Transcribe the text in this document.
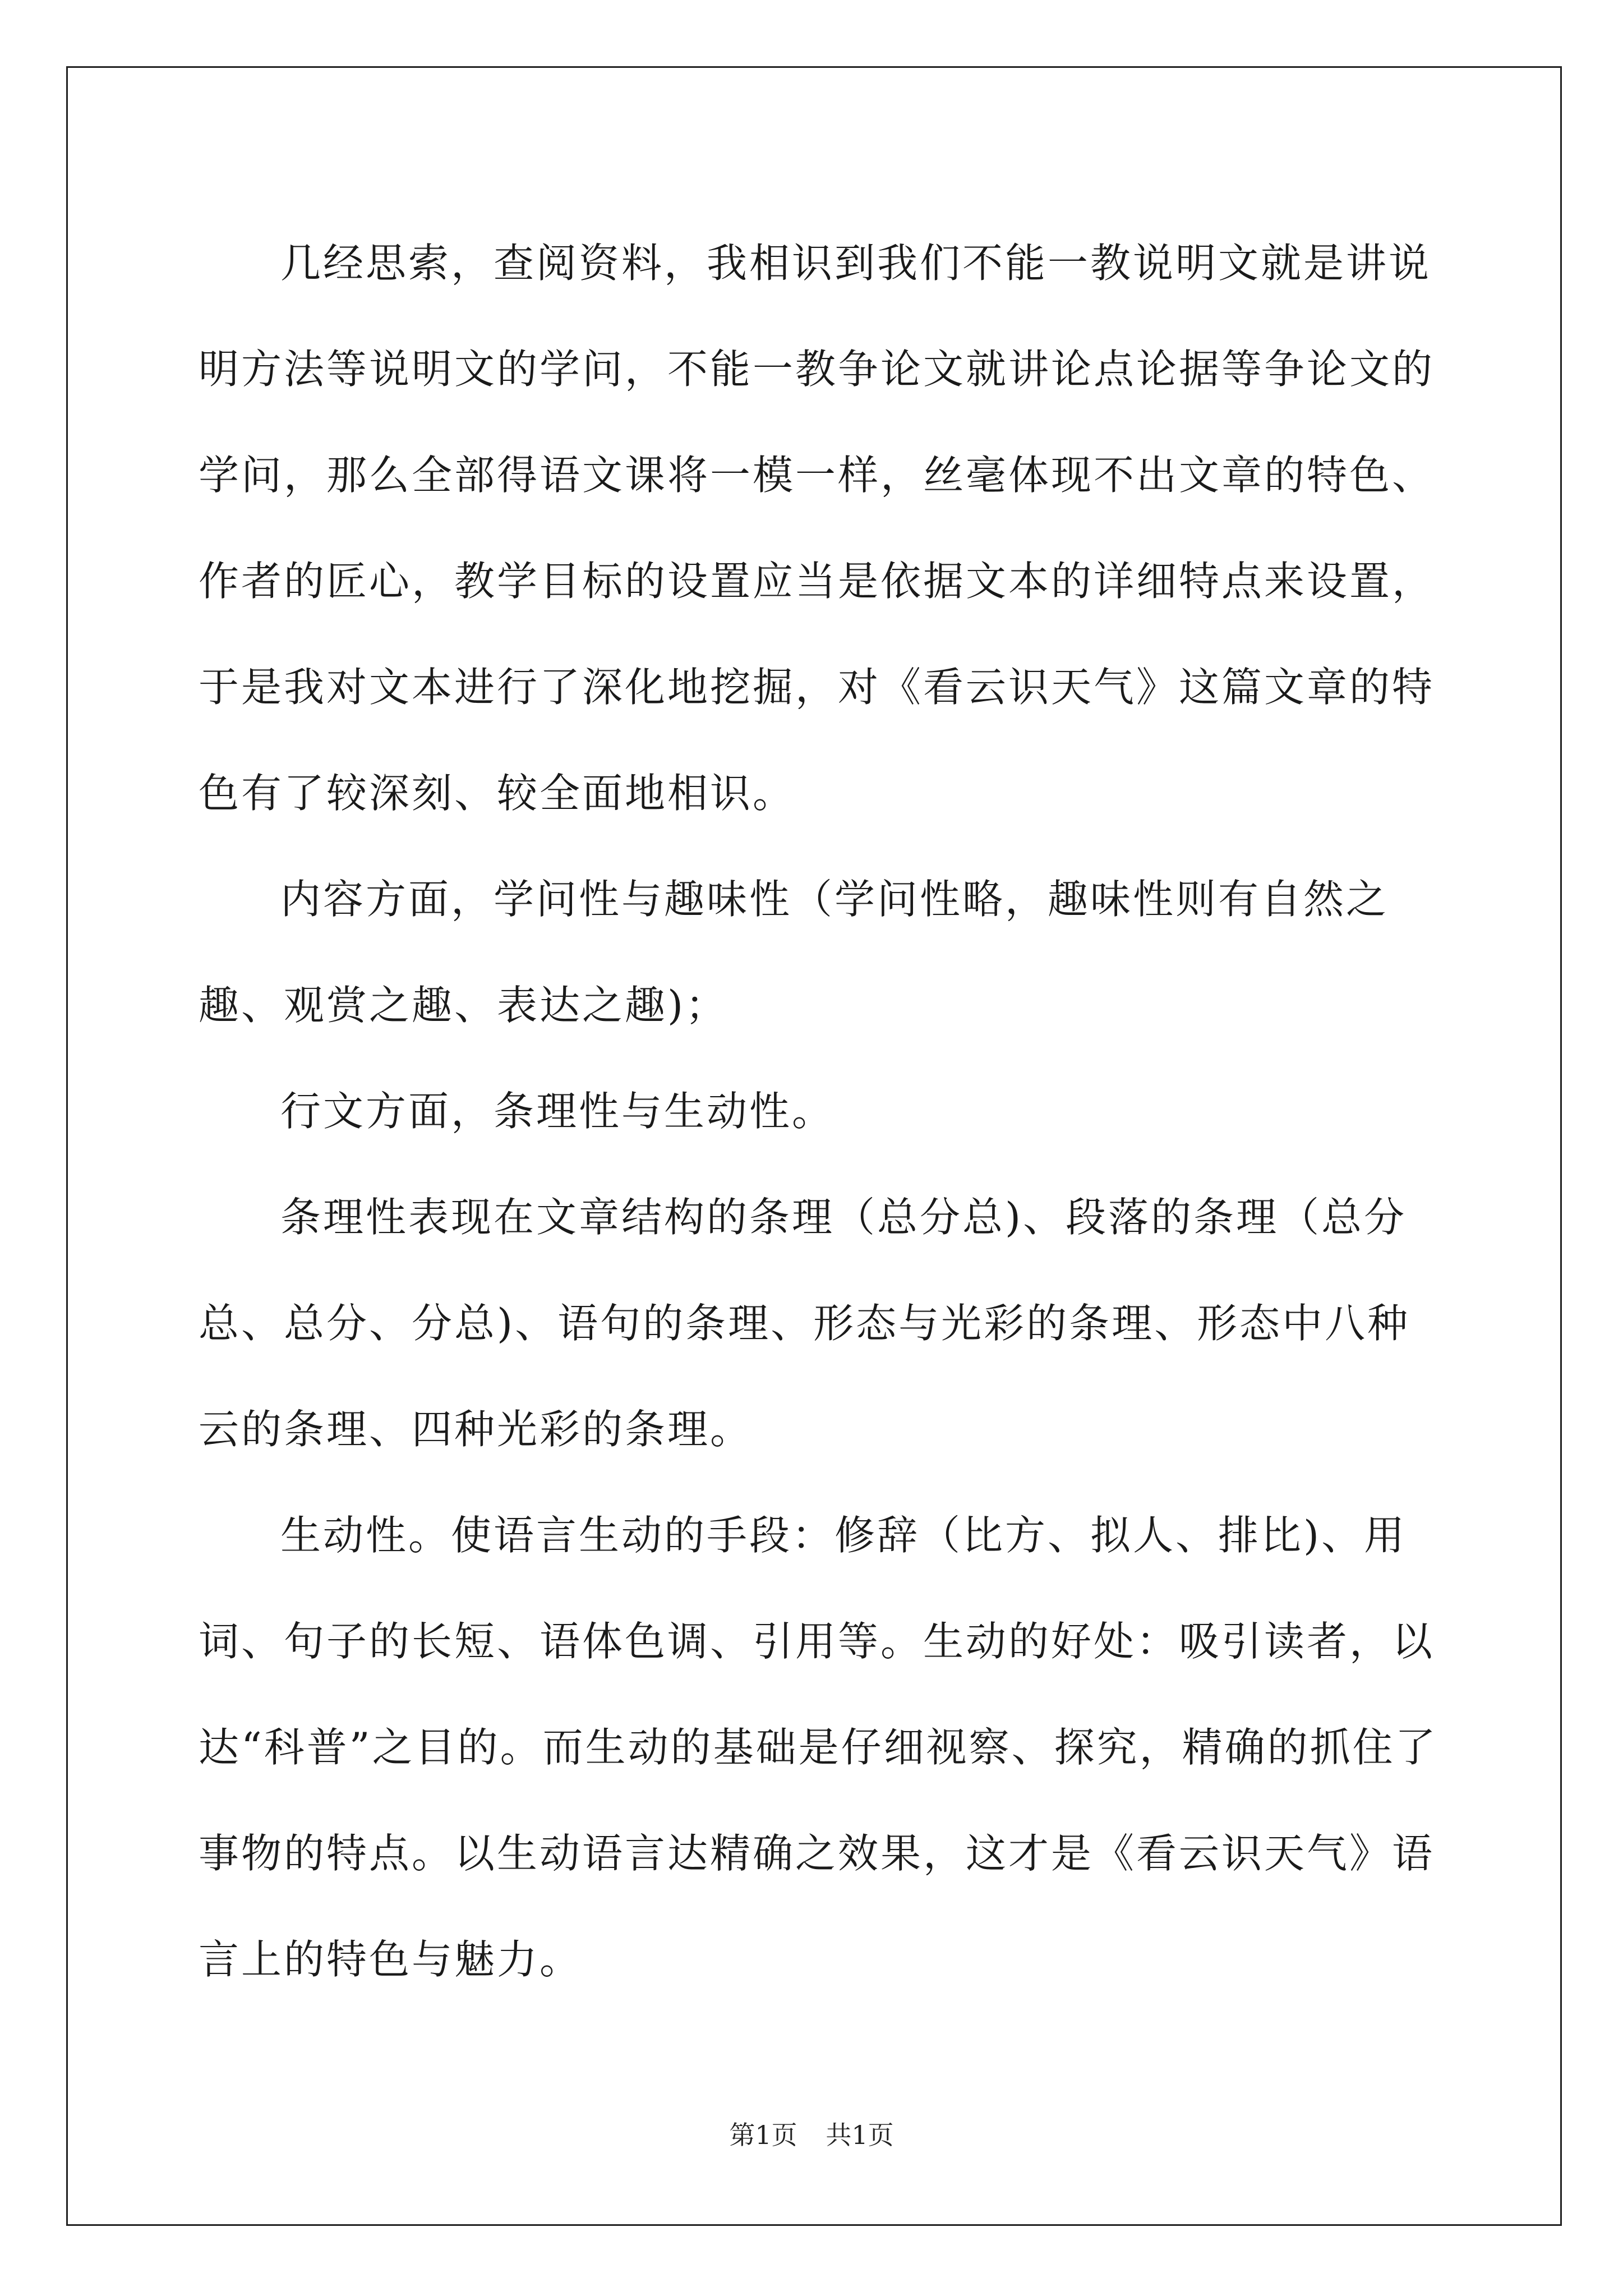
几经思索，查阅资料，我相识到我们不能一教说明文就是讲说明方法等说明文的学问，不能一教争论文就讲论点论据等争论文的学问，那么全部得语文课将一模一样，丝毫体现不出文章的特色、作者的匠心，教学目标的设置应当是依据文本的详细特点来设置，于是我对文本进行了深化地挖掘，对《看云识天气》这篇文章的特色有了较深刻、较全面地相识。

内容方面，学问性与趣味性（学问性略，趣味性则有自然之趣、观赏之趣、表达之趣)；

行文方面，条理性与生动性。

条理性表现在文章结构的条理（总分总)、段落的条理（总分总、总分、分总)、语句的条理、形态与光彩的条理、形态中八种云的条理、四种光彩的条理。

生动性。使语言生动的手段：修辞（比方、拟人、排比)、用词、句子的长短、语体色调、引用等。生动的好处：吸引读者，以达“科普”之目的。而生动的基础是仔细视察、探究，精确的抓住了事物的特点。以生动语言达精确之效果，这才是《看云识天气》语言上的特色与魅力。

第1页 共1页
